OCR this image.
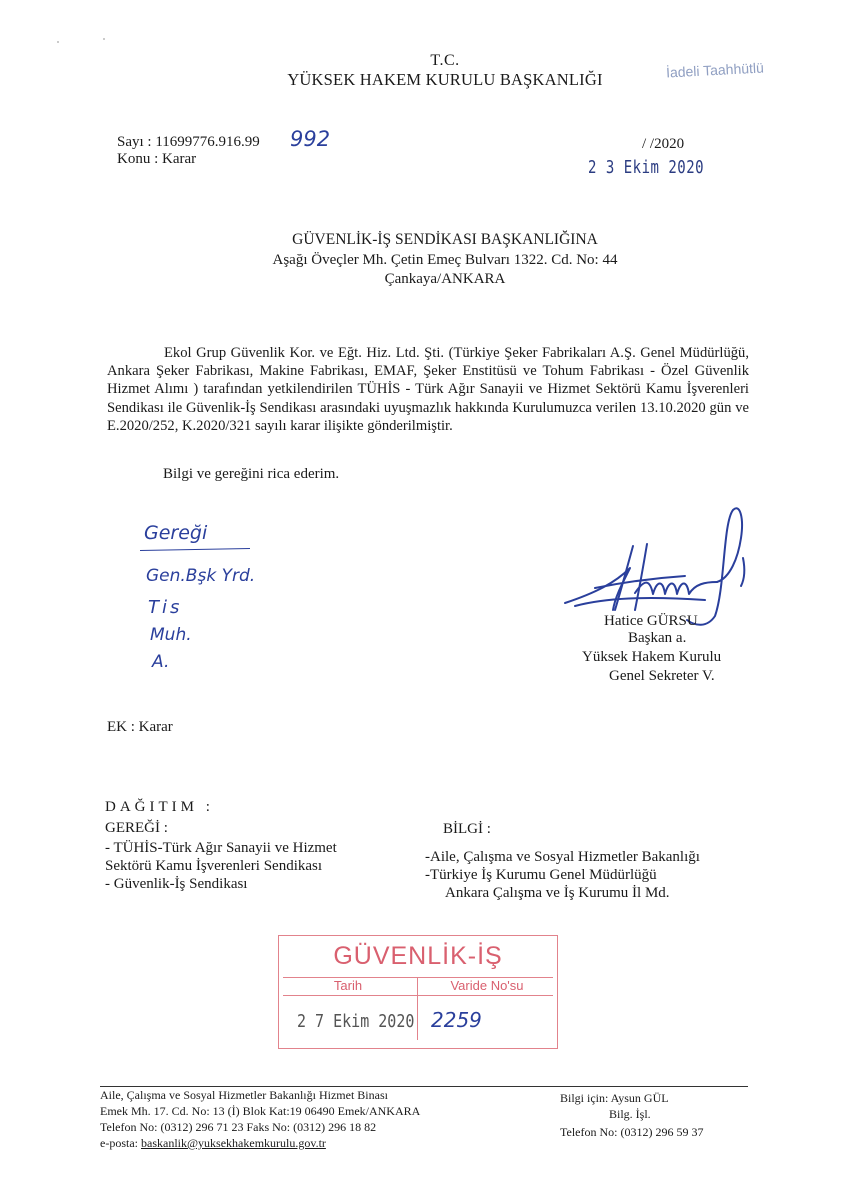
T.C.
YÜKSEK HAKEM KURULU BAŞKANLIĞI	İadeli Taahhütlü
Sayı : 11699776.916.99 992
Konu : Karar
/ /2020
2 3 Ekim 2020
GÜVENLİK-İŞ SENDİKASI BAŞKANLIĞINA
Aşağı Öveçler Mh. Çetin Emeç Bulvarı 1322. Cd. No: 44
Çankaya/ANKARA
Ekol Grup Güvenlik Kor. ve Eğt. Hiz. Ltd. Şti. (Türkiye Şeker Fabrikaları A.Ş. Genel Müdürlüğü, Ankara Şeker Fabrikası, Makine Fabrikası, EMAF, Şeker Enstitüsü ve Tohum Fabrikası - Özel Güvenlik Hizmet Alımı ) tarafından yetkilendirilen TÜHİS - Türk Ağır Sanayii ve Hizmet Sektörü Kamu İşverenleri Sendikası ile Güvenlik-İş Sendikası arasındaki uyuşmazlık hakkında Kurulumuzca verilen 13.10.2020 gün ve E.2020/252, K.2020/321 sayılı karar ilişikte gönderilmiştir.
Bilgi ve gereğini rica ederim.
Gereği
Gen.Bşk Yrd.
Tis
Muh.
A.
Hatice GÜRSU
Başkan a.
Yüksek Hakem Kurulu
Genel Sekreter V.
EK : Karar
DAĞITIM :
GEREĞİ :
- TÜHİS-Türk Ağır Sanayii ve Hizmet
Sektörü Kamu İşverenleri Sendikası
- Güvenlik-İş Sendikası
BİLGİ :
-Aile, Çalışma ve Sosyal Hizmetler Bakanlığı
-Türkiye İş Kurumu Genel Müdürlüğü
Ankara Çalışma ve İş Kurumu İl Md.
GÜVENLİK-İŞ
Tarih	Varide No'su
2 7 Ekim 2020 2259
Aile, Çalışma ve Sosyal Hizmetler Bakanlığı Hizmet Binası
Emek Mh. 17. Cd. No: 13 (İ) Blok Kat:19 06490 Emek/ANKARA
Telefon No: (0312) 296 71 23 Faks No: (0312) 296 18 82
e-posta: baskanlik@yuksekhakemkurulu.gov.tr
Bilgi için: Aysun GÜL
Bilg. İşl.
Telefon No: (0312) 296 59 37
